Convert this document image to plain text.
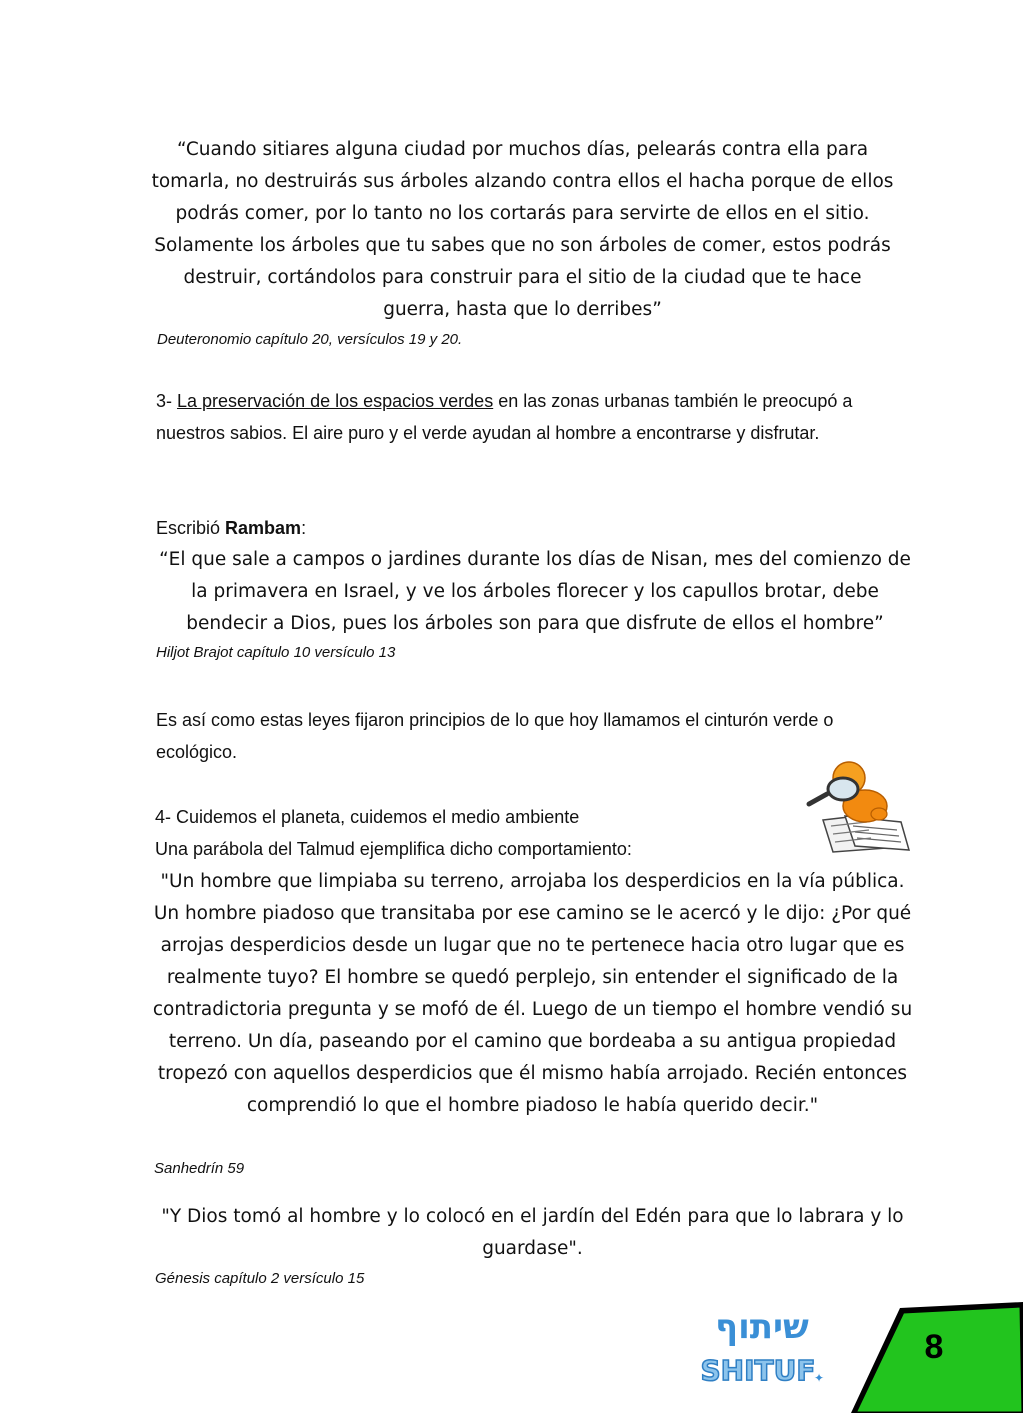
“Cuando sitiares alguna ciudad por muchos días, pelearás contra ella para tomarla, no destruirás sus árboles alzando contra ellos el hacha porque de ellos podrás comer, por lo tanto no los cortarás para servirte de ellos en el sitio. Solamente los árboles que tu sabes que no son árboles de comer, estos podrás destruir, cortándolos para construir para el sitio de la ciudad que te hace guerra, hasta que lo derribes”
Deuteronomio capítulo 20, versículos 19 y 20.
3- La preservación de los espacios verdes en las zonas urbanas también le preocupó a nuestros sabios. El aire puro y el verde ayudan al hombre a encontrarse y disfrutar.
Escribió Rambam:
“El que sale a campos o jardines durante los días de Nisan, mes del comienzo de la primavera en Israel, y ve los árboles florecer y los capullos brotar, debe bendecir a Dios, pues los árboles son para que disfrute de ellos el hombre”
Hiljot Brajot capítulo 10 versículo 13
Es así como estas leyes fijaron principios de lo que hoy llamamos el cinturón verde o ecológico.
4- Cuidemos el planeta, cuidemos el medio ambiente
Una parábola del Talmud ejemplifica dicho comportamiento:
"Un hombre que limpiaba su terreno, arrojaba los desperdicios en la vía pública. Un hombre piadoso que transitaba por ese camino se le acercó y le dijo: ¿Por qué arrojas desperdicios desde un lugar que no te pertenece hacia otro lugar que es realmente tuyo? El hombre se quedó perplejo, sin entender el significado de la contradictoria pregunta y se mofó de él. Luego de un tiempo el hombre vendió su terreno. Un día, paseando por el camino que bordeaba a su antigua propiedad tropezó con aquellos desperdicios que él mismo había arrojado. Recién entonces comprendió lo que el hombre piadoso le había querido decir."
Sanhedrín 59
"Y Dios tomó al hombre y lo colocó en el jardín del Edén para que lo labrara y lo guardase".
Génesis capítulo 2 versículo 15
שיתוף
SHITUF
✦
8
